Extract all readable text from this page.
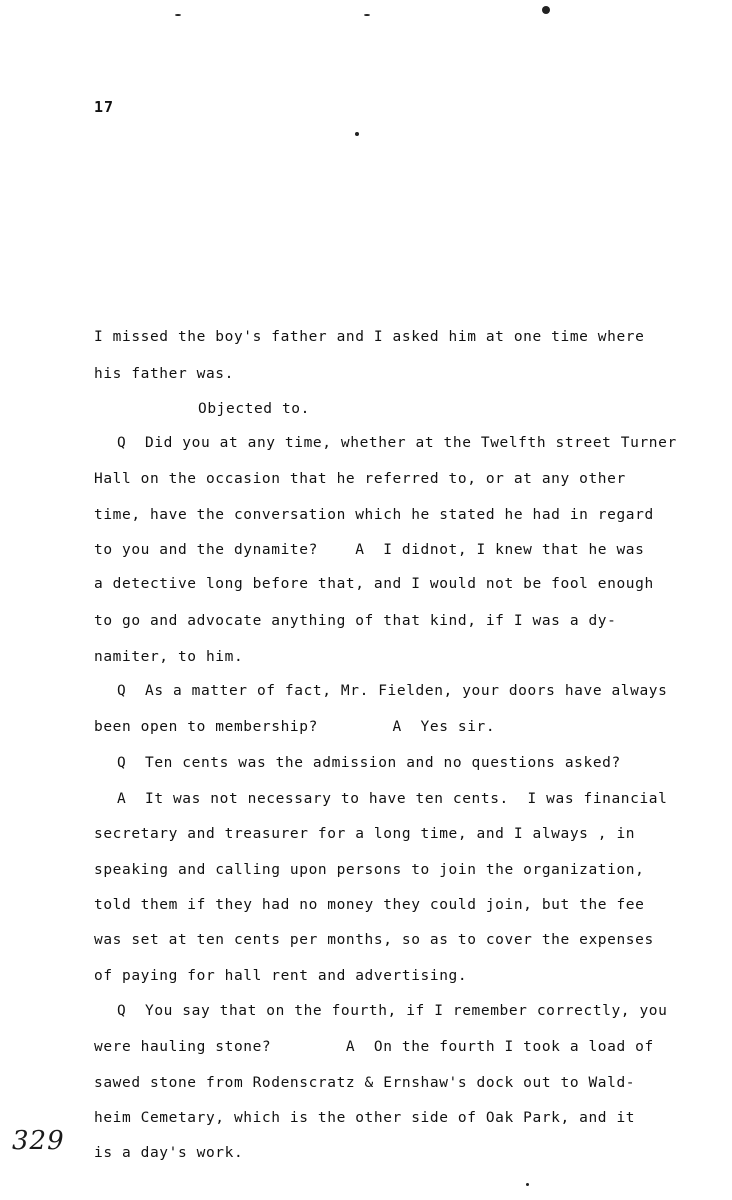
17
I missed the boy's father and I asked him at one time where
his father was.
Objected to.
Q  Did you at any time, whether at the Twelfth street Turner
Hall on the occasion that he referred to, or at any other
time, have the conversation which he stated he had in regard
to you and the dynamite?    A  I didnot, I knew that he was
a detective long before that, and I would not be fool enough
to go and advocate anything of that kind, if I was a dy-
namiter, to him.
Q  As a matter of fact, Mr. Fielden, your doors have always
been open to membership?        A  Yes sir.
Q  Ten cents was the admission and no questions asked?
A  It was not necessary to have ten cents.  I was financial
secretary and treasurer for a long time, and I always , in
speaking and calling upon persons to join the organization,
told them if they had no money they could join, but the fee
was set at ten cents per months, so as to cover the expenses
of paying for hall rent and advertising.
Q  You say that on the fourth, if I remember correctly, you
were hauling stone?        A  On the fourth I took a load of
sawed stone from Rodenscratz & Ernshaw's dock out to Wald-
heim Cemetary, which is the other side of Oak Park, and it
is a day's work.
329
